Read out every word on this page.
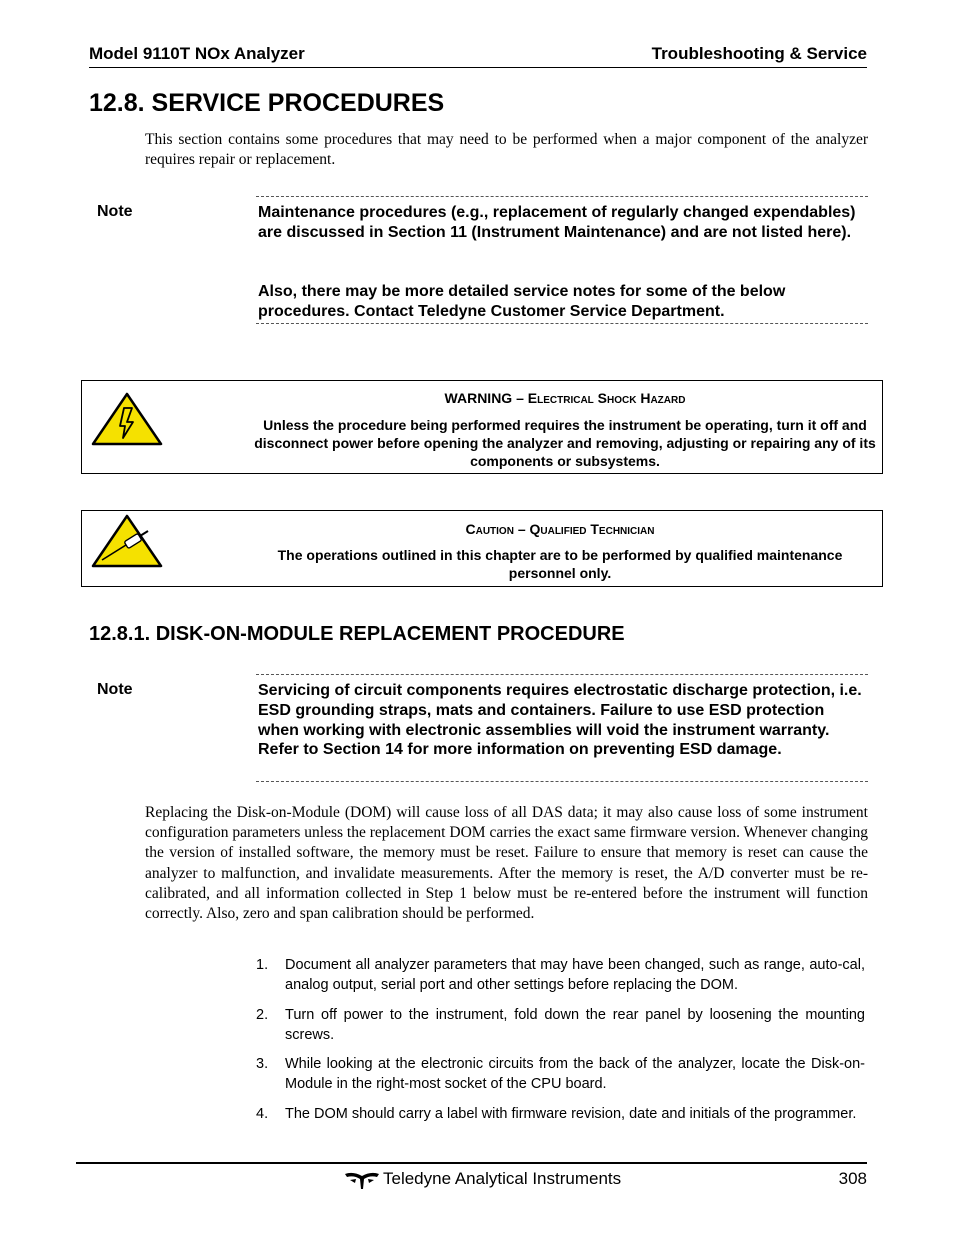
Model 9110T NOx Analyzer	Troubleshooting & Service
12.8. SERVICE PROCEDURES
This section contains some procedures that may need to be performed when a major component of the analyzer requires repair or replacement.
Note	Maintenance procedures (e.g., replacement of regularly changed expendables) are discussed in Section 11 (Instrument Maintenance) and are not listed here).
Also, there may be more detailed service notes for some of the below procedures. Contact Teledyne Customer Service Department.
WARNING – Electrical Shock Hazard
Unless the procedure being performed requires the instrument be operating, turn it off and disconnect power before opening the analyzer and removing, adjusting or repairing any of its components or subsystems.
Caution – Qualified Technician
The operations outlined in this chapter are to be performed by qualified maintenance personnel only.
12.8.1. DISK-ON-MODULE REPLACEMENT PROCEDURE
Note	Servicing of circuit components requires electrostatic discharge protection, i.e. ESD grounding straps, mats and containers. Failure to use ESD protection when working with electronic assemblies will void the instrument warranty. Refer to Section 14 for more information on preventing ESD damage.
Replacing the Disk-on-Module (DOM) will cause loss of all DAS data; it may also cause loss of some instrument configuration parameters unless the replacement DOM carries the exact same firmware version. Whenever changing the version of installed software, the memory must be reset. Failure to ensure that memory is reset can cause the analyzer to malfunction, and invalidate measurements. After the memory is reset, the A/D converter must be re-calibrated, and all information collected in Step 1 below must be re-entered before the instrument will function correctly. Also, zero and span calibration should be performed.
1. Document all analyzer parameters that may have been changed, such as range, auto-cal, analog output, serial port and other settings before replacing the DOM.
2. Turn off power to the instrument, fold down the rear panel by loosening the mounting screws.
3. While looking at the electronic circuits from the back of the analyzer, locate the Disk-on-Module in the right-most socket of the CPU board.
4. The DOM should carry a label with firmware revision, date and initials of the programmer.
Teledyne Analytical Instruments	308
